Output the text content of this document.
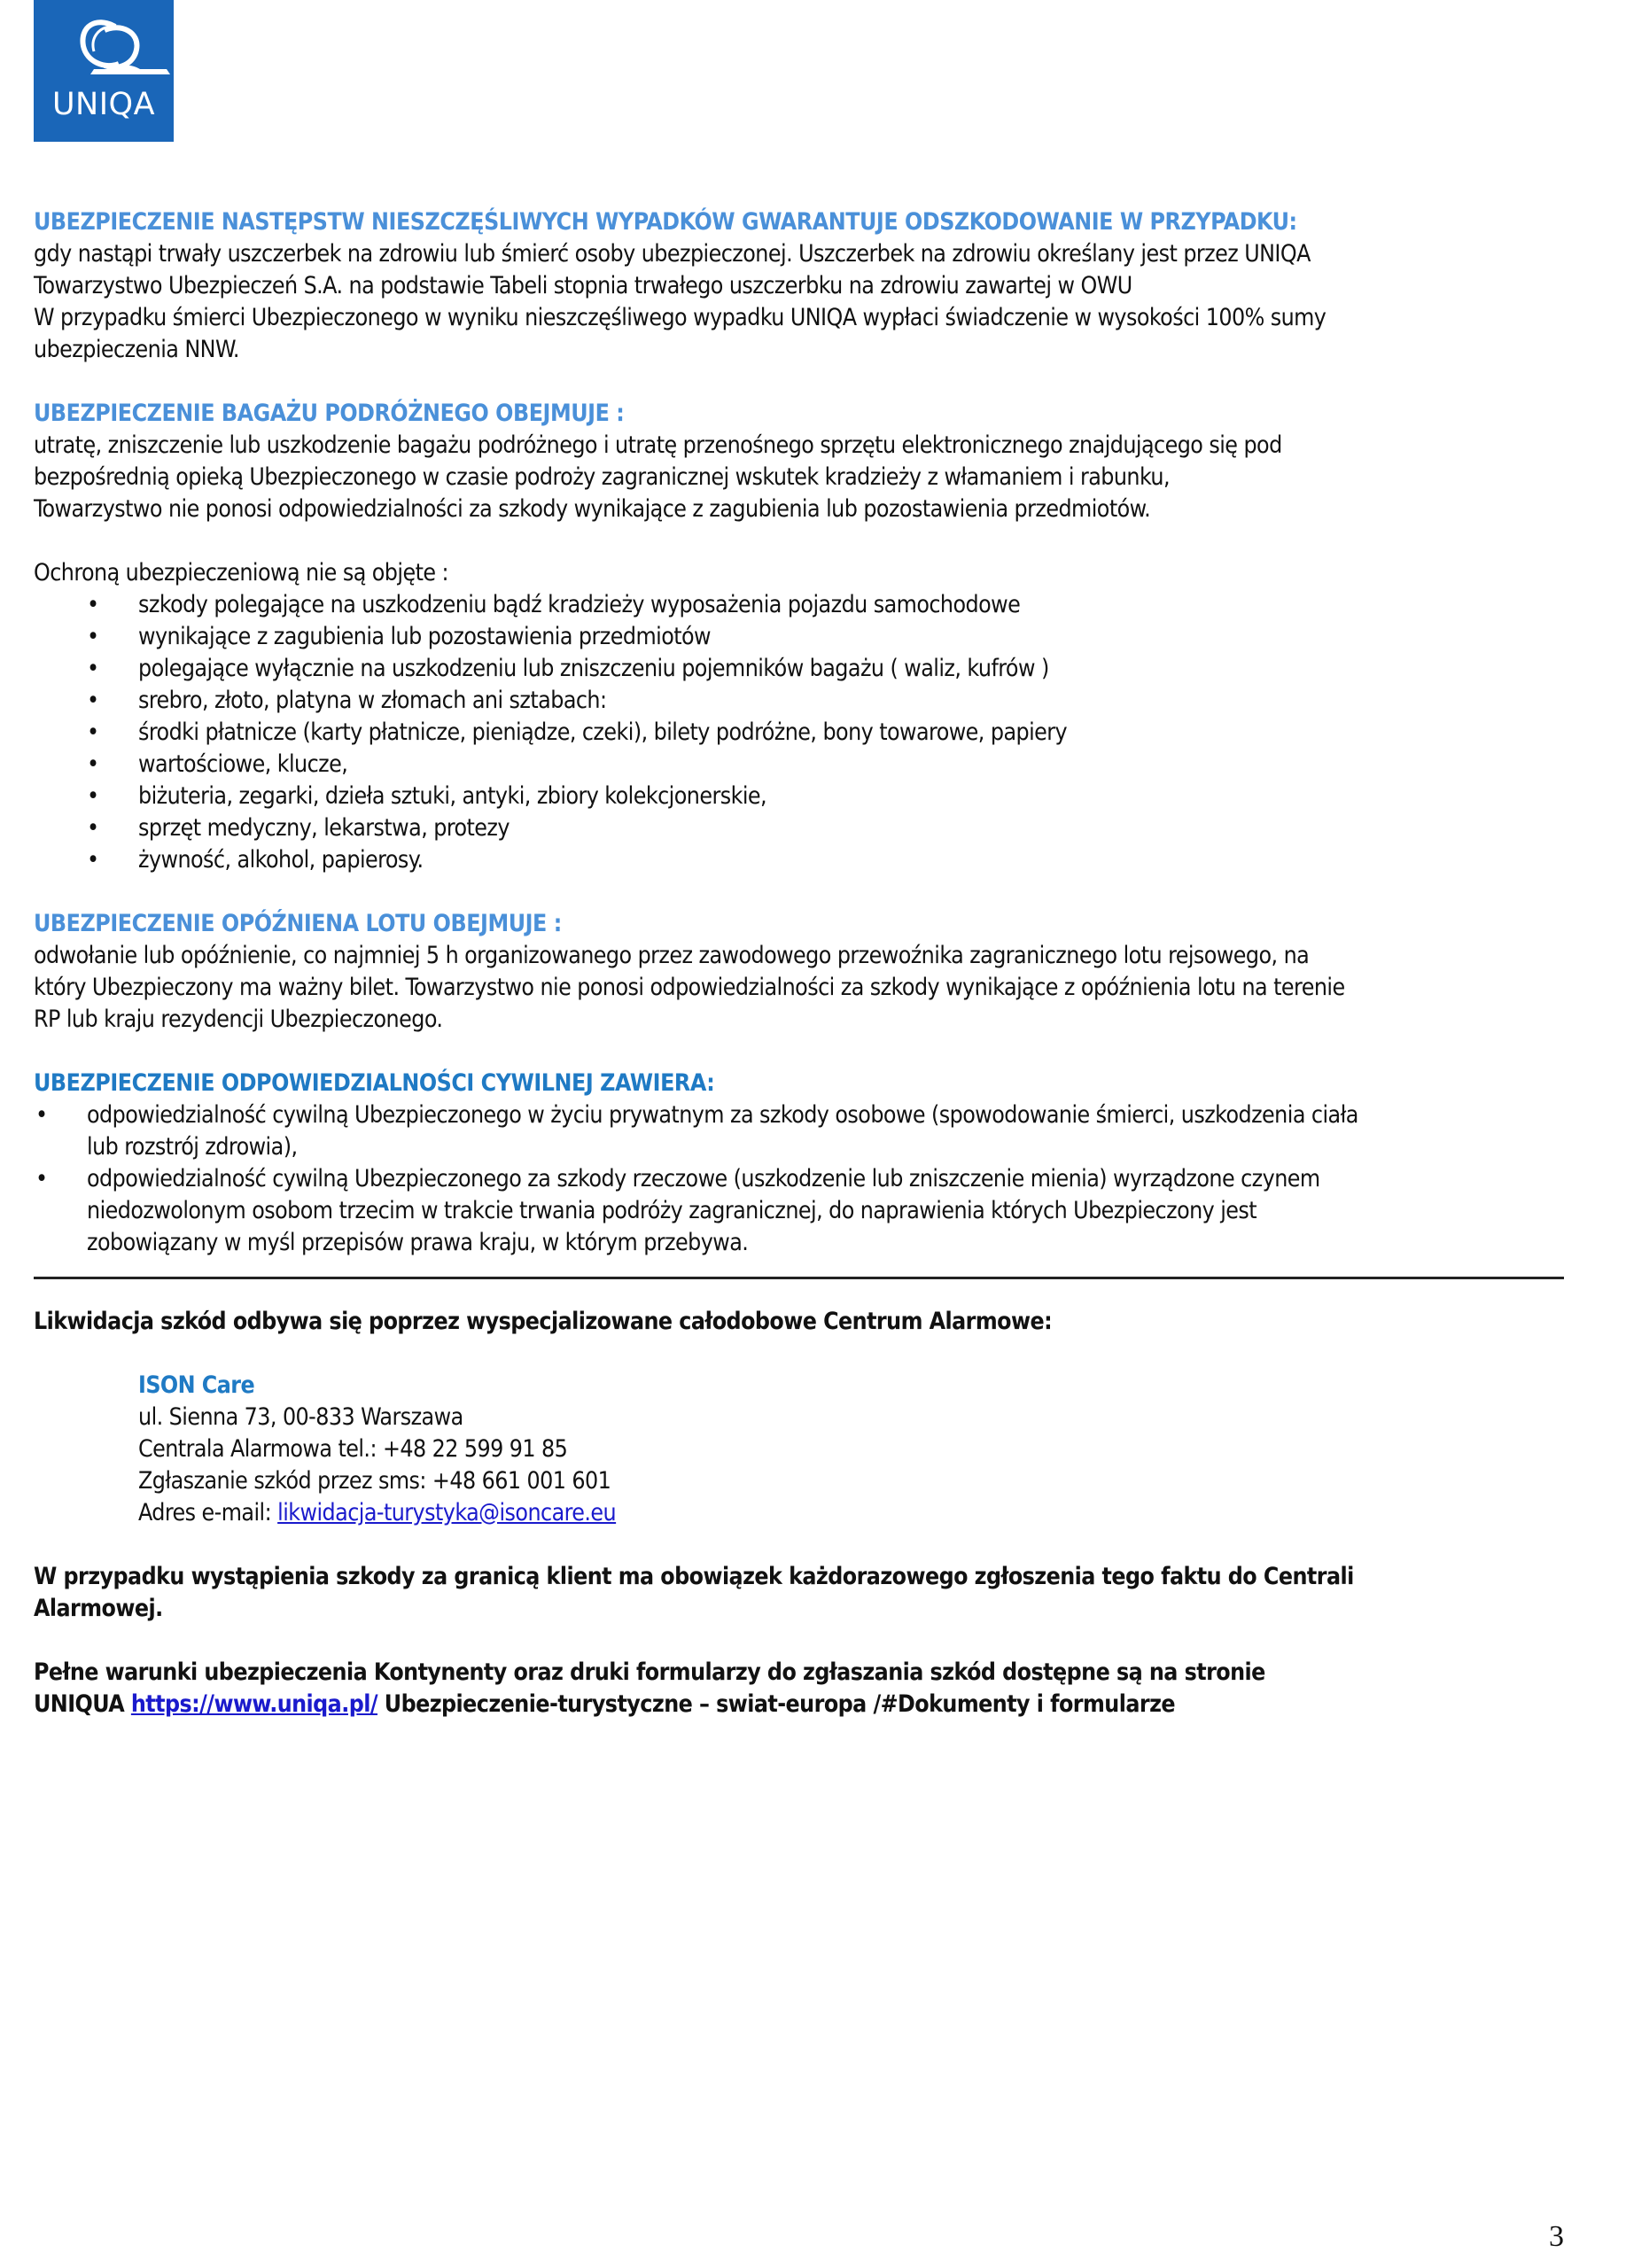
UNIQA

UBEZPIECZENIE NASTĘPSTW NIESZCZĘŚLIWYCH WYPADKÓW GWARANTUJE ODSZKODOWANIE W PRZYPADKU:

gdy nastąpi trwały uszczerbek na zdrowiu lub śmierć osoby ubezpieczonej. Uszczerbek na zdrowiu określany jest przez UNIQA

Towarzystwo Ubezpieczeń S.A. na podstawie Tabeli stopnia trwałego uszczerbku na zdrowiu zawartej w OWU

W przypadku śmierci Ubezpieczonego w wyniku nieszczęśliwego wypadku UNIQA wypłaci świadczenie w wysokości 100% sumy

ubezpieczenia NNW.

UBEZPIECZENIE BAGAŻU PODRÓŻNEGO OBEJMUJE :

utratę, zniszczenie lub uszkodzenie bagażu podróżnego i utratę przenośnego sprzętu elektronicznego znajdującego się pod

bezpośrednią opieką Ubezpieczonego w czasie podroży zagranicznej wskutek kradzieży z włamaniem i rabunku,

Towarzystwo nie ponosi odpowiedzialności za szkody wynikające z zagubienia lub pozostawienia przedmiotów.

Ochroną ubezpieczeniową nie są objęte :

• szkody polegające na uszkodzeniu bądź kradzieży wyposażenia pojazdu samochodowe
• wynikające z zagubienia lub pozostawienia przedmiotów
• polegające wyłącznie na uszkodzeniu lub zniszczeniu pojemników bagażu ( waliz, kufrów )
• srebro, złoto, platyna w złomach ani sztabach:
• środki płatnicze (karty płatnicze, pieniądze, czeki), bilety podróżne, bony towarowe, papiery
• wartościowe, klucze,
• biżuteria, zegarki, dzieła sztuki, antyki, zbiory kolekcjonerskie,
• sprzęt medyczny, lekarstwa, protezy
• żywność, alkohol, papierosy.

UBEZPIECZENIE OPÓŹNIENA LOTU OBEJMUJE :

odwołanie lub opóźnienie, co najmniej 5 h organizowanego przez zawodowego przewoźnika zagranicznego lotu rejsowego, na

który Ubezpieczony ma ważny bilet. Towarzystwo nie ponosi odpowiedzialności za szkody wynikające z opóźnienia lotu na terenie

RP lub kraju rezydencji Ubezpieczonego.

UBEZPIECZENIE ODPOWIEDZIALNOŚCI CYWILNEJ ZAWIERA:

• odpowiedzialność cywilną Ubezpieczonego w życiu prywatnym za szkody osobowe (spowodowanie śmierci, uszkodzenia ciała
lub rozstrój zdrowia),
• odpowiedzialność cywilną Ubezpieczonego za szkody rzeczowe (uszkodzenie lub zniszczenie mienia) wyrządzone czynem
niedozwolonym osobom trzecim w trakcie trwania podróży zagranicznej, do naprawienia których Ubezpieczony jest
zobowiązany w myśl przepisów prawa kraju, w którym przebywa.

Likwidacja szkód odbywa się poprzez wyspecjalizowane całodobowe Centrum Alarmowe:

ISON Care

ul. Sienna 73, 00-833 Warszawa

Centrala Alarmowa tel.: +48 22 599 91 85

Zgłaszanie szkód przez sms: +48 661 001 601

Adres e-mail: likwidacja-turystyka@isoncare.eu

W przypadku wystąpienia szkody za granicą klient ma obowiązek każdorazowego zgłoszenia tego faktu do Centrali

Alarmowej.

Pełne warunki ubezpieczenia Kontynenty oraz druki formularzy do zgłaszania szkód dostępne są na stronie

UNIQUA https://www.uniqa.pl/ Ubezpieczenie-turystyczne – swiat-europa /#Dokumenty i formularze

3
